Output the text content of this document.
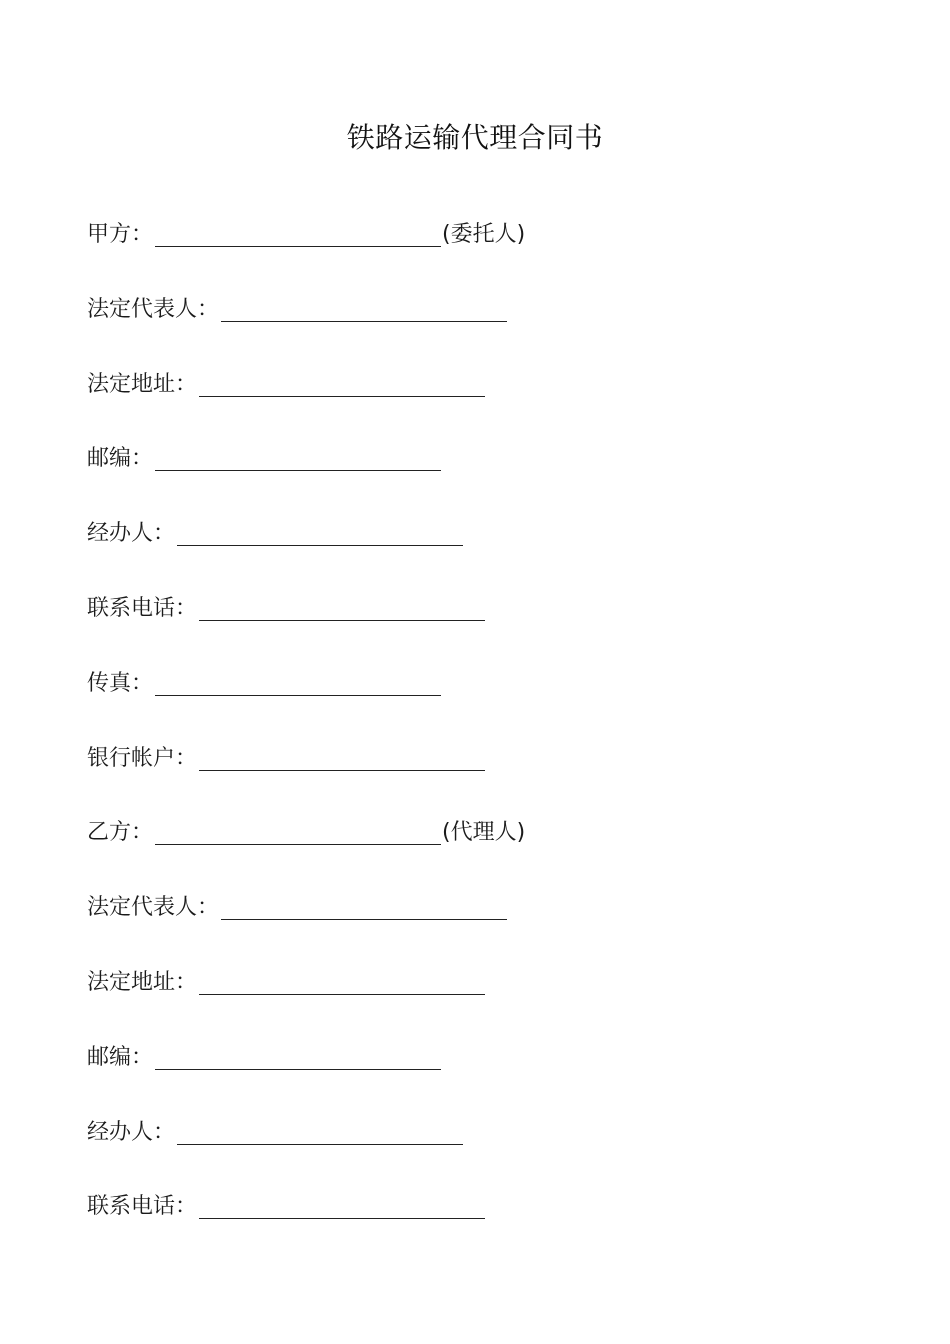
铁路运输代理合同书
甲方：	(委托人)
法定代表人：
法定地址：
邮编：
经办人：
联系电话：
传真：
银行帐户：
乙方：	(代理人)
法定代表人：
法定地址：
邮编：
经办人：
联系电话：
